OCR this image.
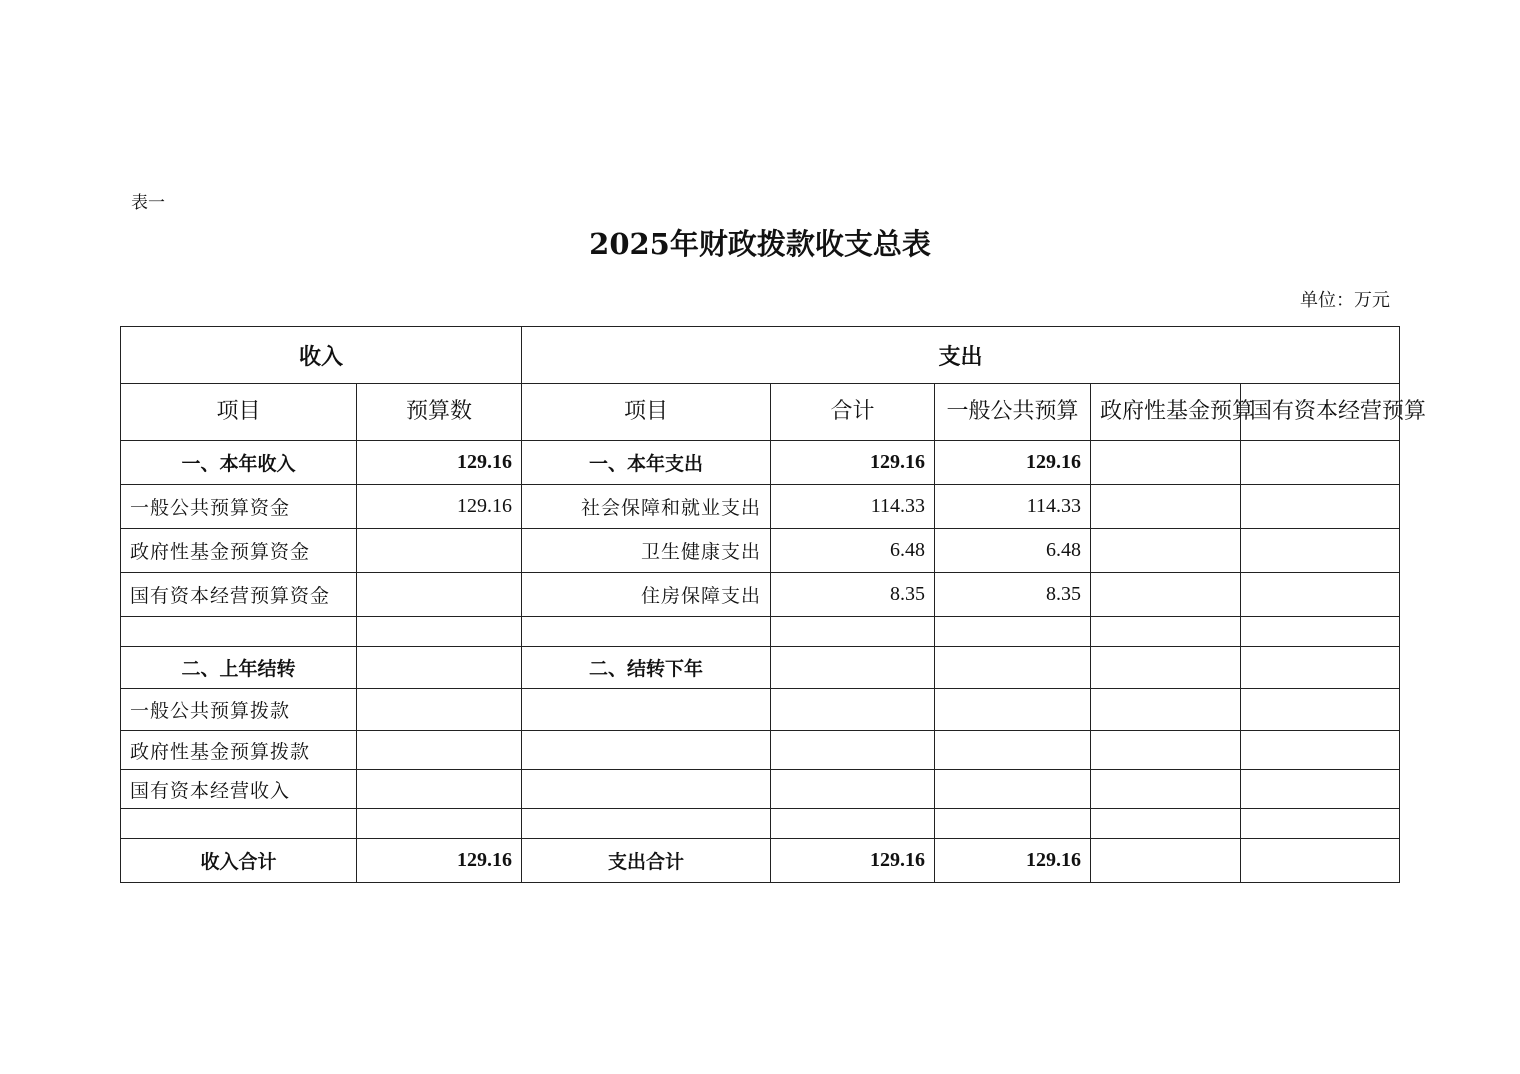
表一
2025年财政拨款收支总表
单位：万元
收入		支出				
项目	预算数	项目	合计	一般公共预算	政府性基金预算	国有资本经营预算
一、本年收入	129.16	一、本年支出	129.16	129.16		
一般公共预算资金	129.16	社会保障和就业支出	114.33	114.33		
政府性基金预算资金		卫生健康支出	6.48	6.48		
国有资本经营预算资金		住房保障支出	8.35	8.35		

二、上年结转		二、结转下年				
一般公共预算拨款						
政府性基金预算拨款						
国有资本经营收入						

收入合计	129.16	支出合计	129.16	129.16		
